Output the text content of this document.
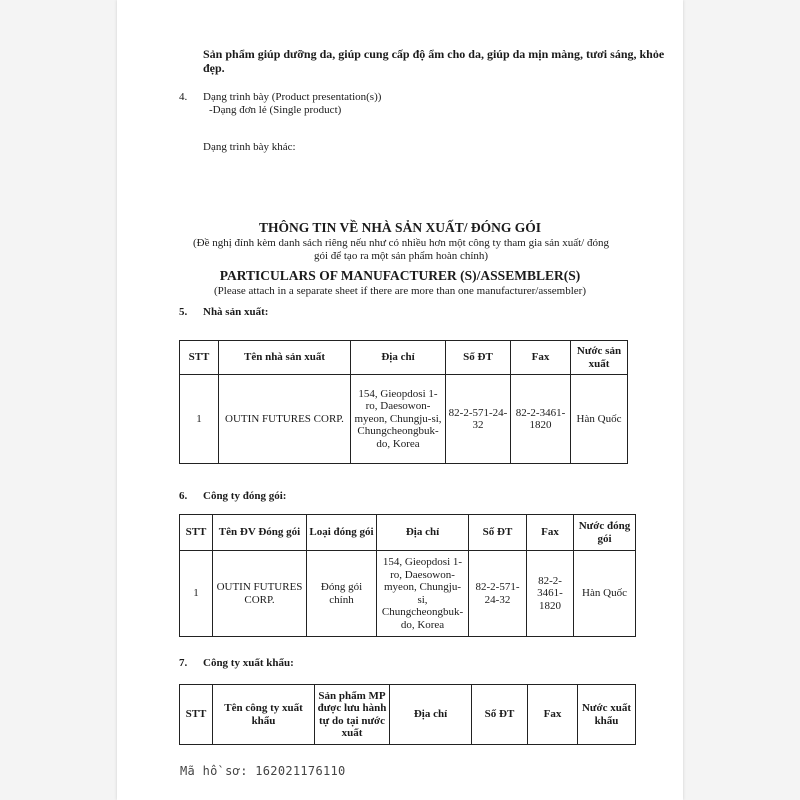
Sản phẩm giúp dưỡng da, giúp cung cấp độ ẩm cho da, giúp da mịn màng, tươi sáng, khỏe đẹp.
4. Dạng trình bày (Product presentation(s))
-Dạng đơn lẻ (Single product)
Dạng trình bày khác:
THÔNG TIN VỀ NHÀ SẢN XUẤT/ ĐÓNG GÓI
(Đề nghị đính kèm danh sách riêng nếu như có nhiều hơn một công ty tham gia sản xuất/ đóng gói để tạo ra một sản phẩm hoàn chỉnh)
PARTICULARS OF MANUFACTURER (S)/ASSEMBLER(S)
(Please attach in a separate sheet if there are more than one manufacturer/assembler)
5. Nhà sản xuất:
STT	Tên nhà sản xuất	Địa chỉ	Số ĐT	Fax	Nước sản xuất
1	OUTIN FUTURES CORP.	154, Gieopdosi 1-ro, Daesowon-myeon, Chungju-si, Chungcheongbuk-do, Korea	82-2-571-24-32	82-2-3461-1820	Hàn Quốc
6. Công ty đóng gói:
STT	Tên ĐV Đóng gói	Loại đóng gói	Địa chỉ	Số ĐT	Fax	Nước đóng gói
1	OUTIN FUTURES CORP.	Đóng gói chính	154, Gieopdosi 1-ro, Daesowon-myeon, Chungju-si, Chungcheongbuk-do, Korea	82-2-571-24-32	82-2-3461-1820	Hàn Quốc
7. Công ty xuất khẩu:
STT	Tên công ty xuất khẩu	Sản phẩm MP được lưu hành tự do tại nước xuất	Địa chỉ	Số ĐT	Fax	Nước xuất khẩu
Mã hồ sơ: 162021176110
